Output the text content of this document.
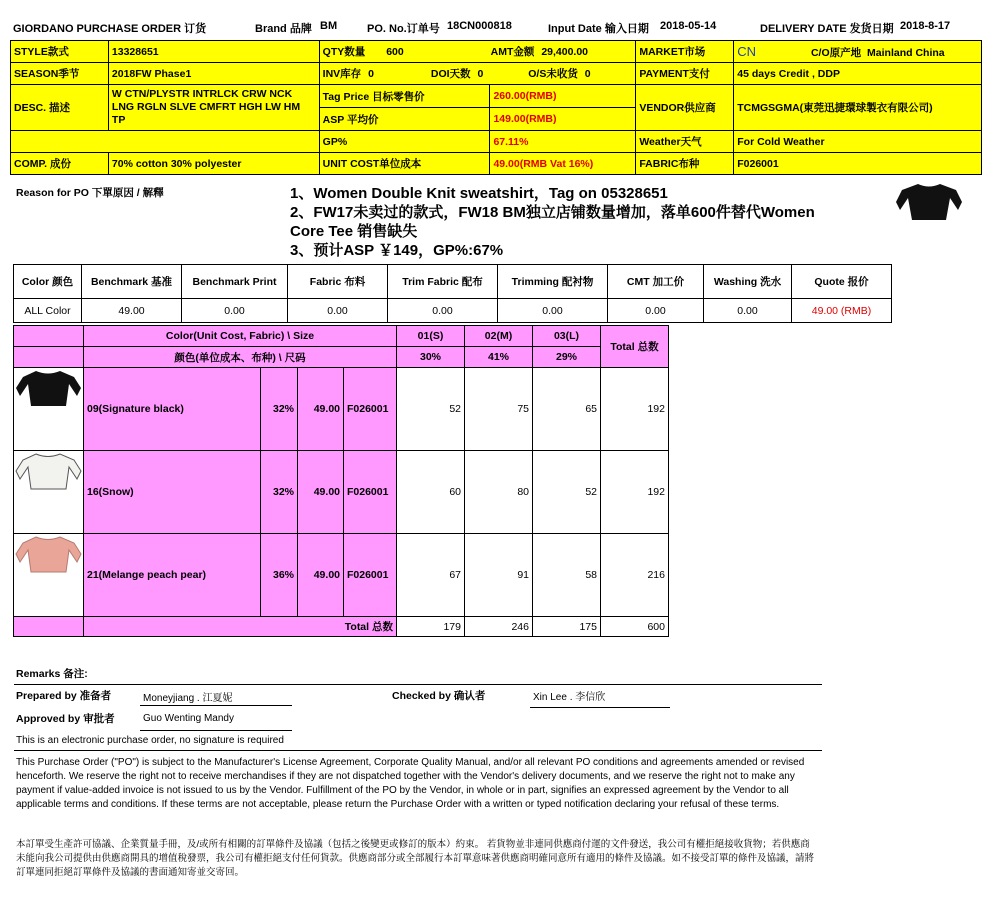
GIORDANO PURCHASE ORDER 订货	Brand 品牌 BM	PO. No.订单号 18CN000818	Input Date 输入日期 2018-05-14	DELIVERY DATE 发货日期 2018-8-17
STYLE款式	13328651	QTY数量 600 AMT金额 29,400.00		MARKET市场	CN C/O原产地 Mainland China
SEASON季节	2018FW Phase1	INV库存 0 DOI天数 0 O/S未收货 0		PAYMENT支付	45 days Credit , DDP
DESC. 描述	W CTN/PLYSTR INTRLCK CRW NCK LNG RGLN SLVE CMFRT HGH LW HM TP	Tag Price 目标零售价	260.00(RMB)	VENDOR供应商	TCMGSGMA(東莞迅捷環球製衣有限公司)
		ASP 平均价	149.00(RMB)		
		GP%	67.11%	Weather天气	For Cold Weather
COMP. 成份	70% cotton 30% polyester	UNIT COST单位成本	49.00(RMB Vat 16%)	FABRIC布种	F026001
Reason for PO 下單原因 / 解釋	1、Women Double Knit sweatshirt，Tag on 05328651
2、FW17未卖过的款式，FW18 BM独立店铺数量增加，落单600件替代Women
Core Tee 销售缺失
3、预计ASP ￥149，GP%:67%
Color 颜色	Benchmark 基准	Benchmark Print	Fabric 布料	Trim Fabric 配布	Trimming 配衬物	CMT 加工价	Washing 洗水	Quote 报价
ALL Color	49.00	0.00	0.00	0.00	0.00	0.00	0.00	49.00 (RMB)
	Color(Unit Cost, Fabric) \ Size				01(S)	02(M)	03(L)	Total 总数
	颜色(单位成本、布种) \ 尺码				30%	41%	29%	
	09(Signature black)	32%	49.00	F026001	52	75	65	192
	16(Snow)	32%	49.00	F026001	60	80	52	192
	21(Melange peach pear)	36%	49.00	F026001	67	91	58	216
	Total 总数				179	246	175	600
Remarks 备注:
Prepared by 准备者	Moneyjiang . 江夏妮	Checked by 确认者	Xin Lee . 李信欣
Approved by 审批者	Guo Wenting Mandy
This is an electronic purchase order, no signature is required
This Purchase Order ("PO") is subject to the Manufacturer's License Agreement, Corporate Quality Manual, and/or all relevant PO conditions and agreements amended or revised henceforth. We reserve the right not to receive merchandises if they are not dispatched together with the Vendor's delivery documents, and we reserve the right not to make any payment if value-added invoice is not issued to us by the Vendor. Fulfillment of the PO by the Vendor, in whole or in part, signifies an expressed agreement by the Vendor to all applicable terms and conditions. If these terms are not acceptable, please return the Purchase Order with a written or typed notification declaring your refusal of these terms.
本訂單受生產許可協議、企業質量手冊，及/或所有相關的訂單條件及協議（包括之後變更或修訂的版本）約束。 若貨物並非連同供應商付運的文件發送，我公司有權拒絕接收貨物；若供應商未能向我公司提供由供應商開具的增值稅發票，我公司有權拒絕支付任何貨款。供應商部分或全部履行本訂單意味著供應商明確同意所有適用的條件及協議。如不接受訂單的條件及協議，請將訂單連同拒絕訂單條件及協議的書面通知寄並交寄回。
